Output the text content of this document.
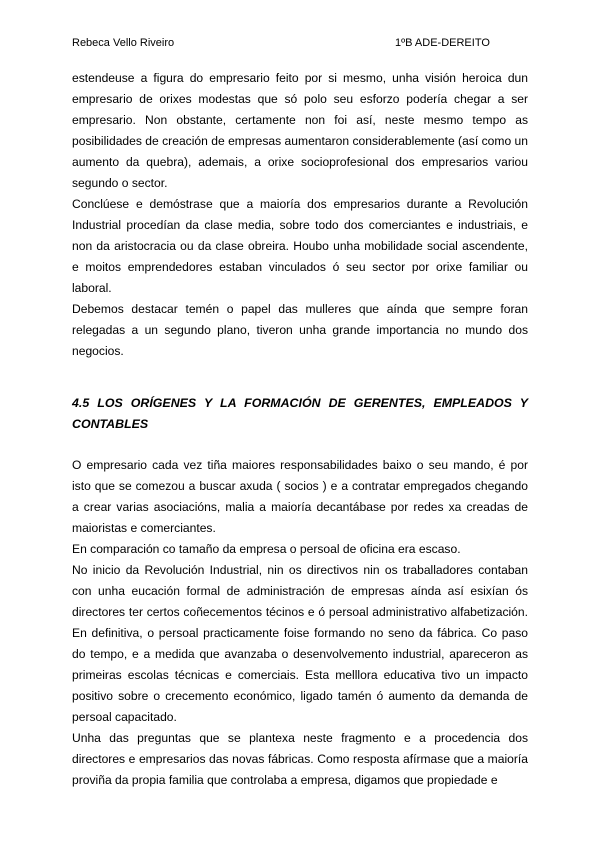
Rebeca Vello Riveiro	1ºB ADE-DEREITO

estendeuse a figura do empresario feito por si mesmo, unha visión heroica dun empresario de orixes modestas que só polo seu esforzo podería chegar a ser empresario. Non obstante, certamente non foi así, neste mesmo tempo as posibilidades de creación de empresas aumentaron considerablemente (así como un aumento da quebra), ademais, a orixe socioprofesional dos empresarios variou segundo o sector.

Conclúese e demóstrase que a maioría dos empresarios durante a Revolución Industrial procedían da clase media, sobre todo dos comerciantes e industriais, e non da aristocracia ou da clase obreira. Houbo unha mobilidade social ascendente, e moitos emprendedores estaban vinculados ó seu sector por orixe familiar ou laboral.

Debemos destacar temén o papel das mulleres que aínda que sempre foran relegadas a un segundo plano, tiveron unha grande importancia no mundo dos negocios.

4.5 LOS ORÍGENES Y LA FORMACIÓN DE GERENTES, EMPLEADOS Y CONTABLES

O empresario cada vez tiña maiores responsabilidades baixo o seu mando, é por isto que se comezou a buscar axuda ( socios ) e a contratar empregados chegando a crear varias asociacións, malia a maioría decantábase por redes xa creadas de maioristas e comerciantes.

En comparación co tamaño da empresa o persoal de oficina era escaso.

No inicio da Revolución Industrial, nin os directivos nin os traballadores contaban con unha eucación formal de administración de empresas aínda así esixían ós directores ter certos coñecementos técinos e ó persoal administrativo alfabetización. En definitiva, o persoal practicamente foise formando no seno da fábrica. Co paso do tempo, e a medida que avanzaba o desenvolvemento industrial, apareceron as primeiras escolas técnicas e comerciais. Esta melllora educativa tivo un impacto positivo sobre o crecemento económico, ligado tamén ó aumento da demanda de persoal capacitado.

Unha das preguntas que se plantexa neste fragmento e a procedencia dos directores e empresarios das novas fábricas. Como resposta afírmase que a maioría proviña da propia familia que controlaba a empresa, digamos que propiedade e
